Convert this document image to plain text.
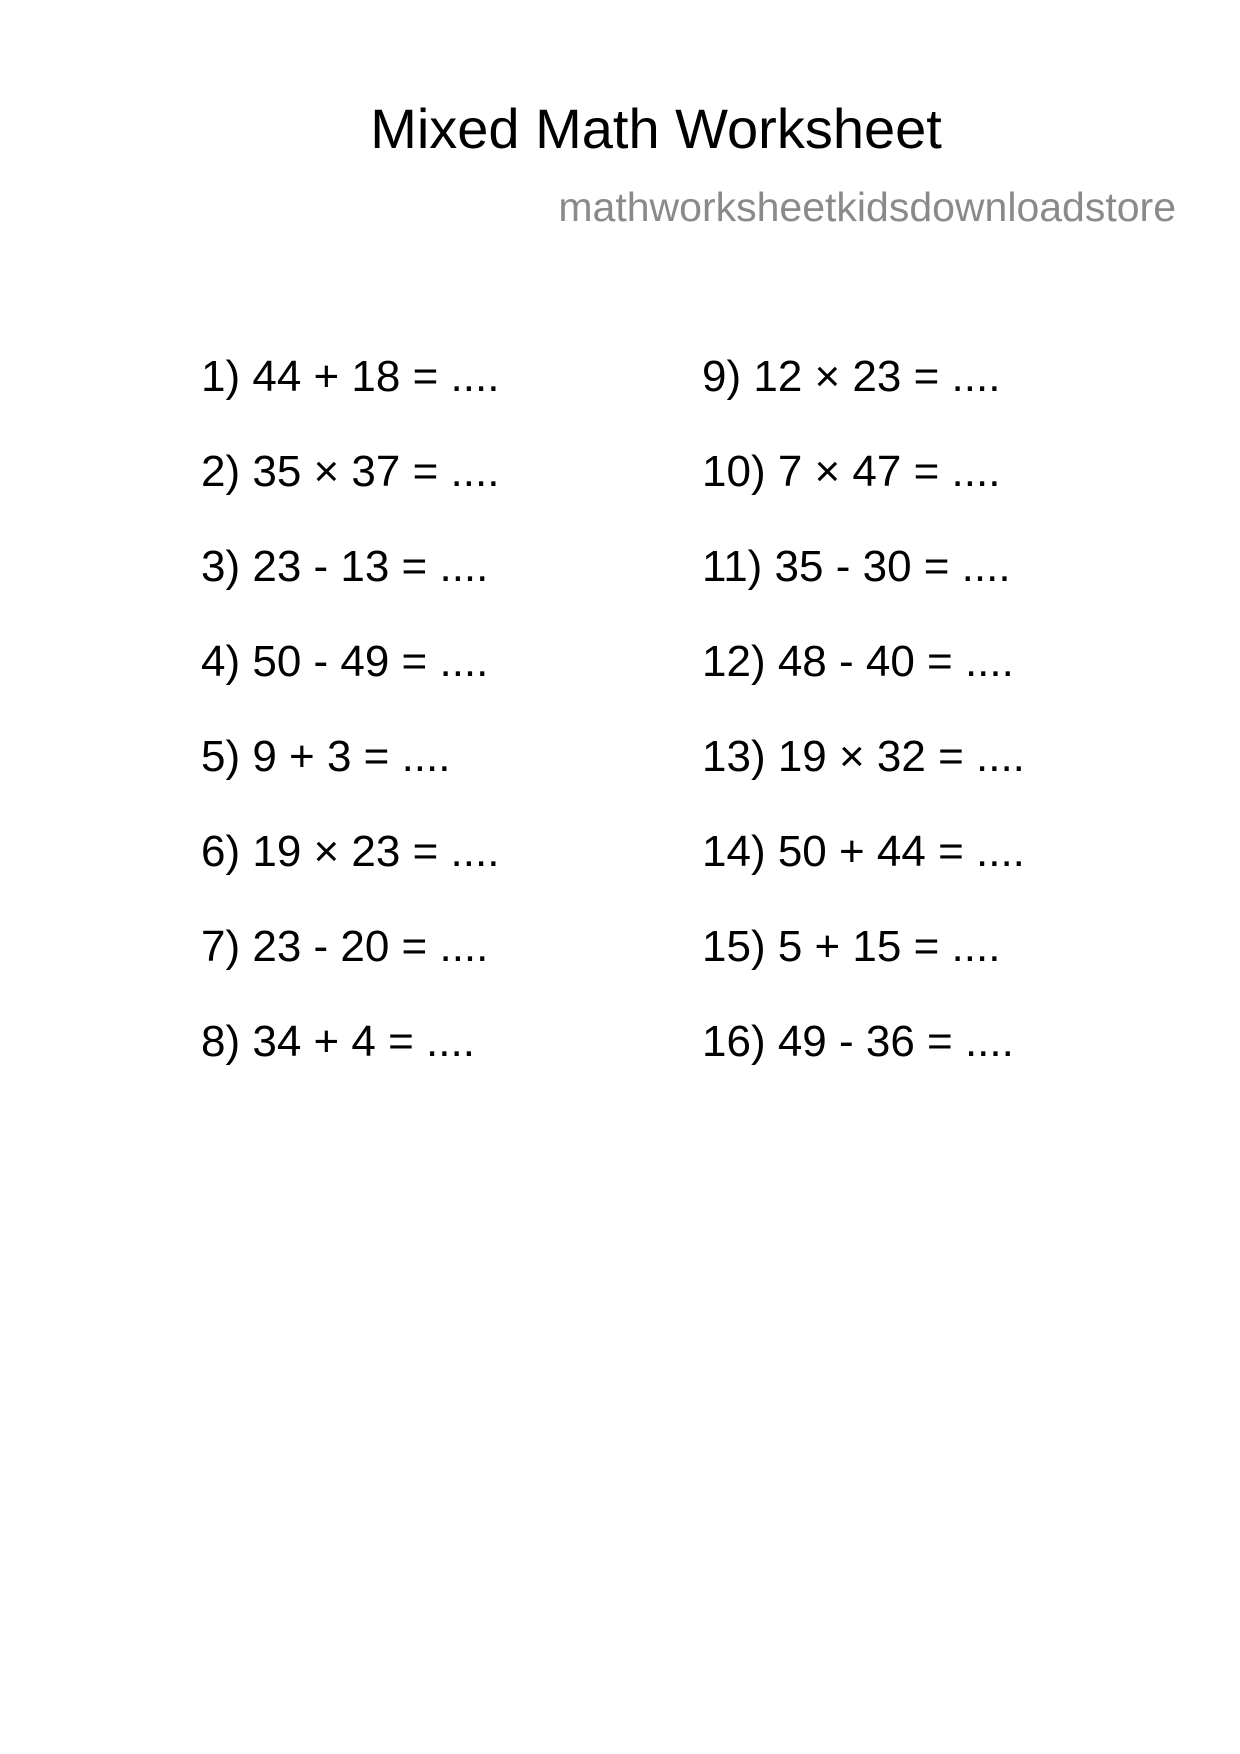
Mixed Math Worksheet
mathworksheetkidsdownloadstore
1) 44 + 18 = ....
2) 35 × 37 = ....
3) 23 - 13 = ....
4) 50 - 49 = ....
5) 9 + 3 = ....
6) 19 × 23 = ....
7) 23 - 20 = ....
8) 34 + 4 = ....
9) 12 × 23 = ....
10) 7 × 47 = ....
11) 35 - 30 = ....
12) 48 - 40 = ....
13) 19 × 32 = ....
14) 50 + 44 = ....
15) 5 + 15 = ....
16) 49 - 36 = ....
